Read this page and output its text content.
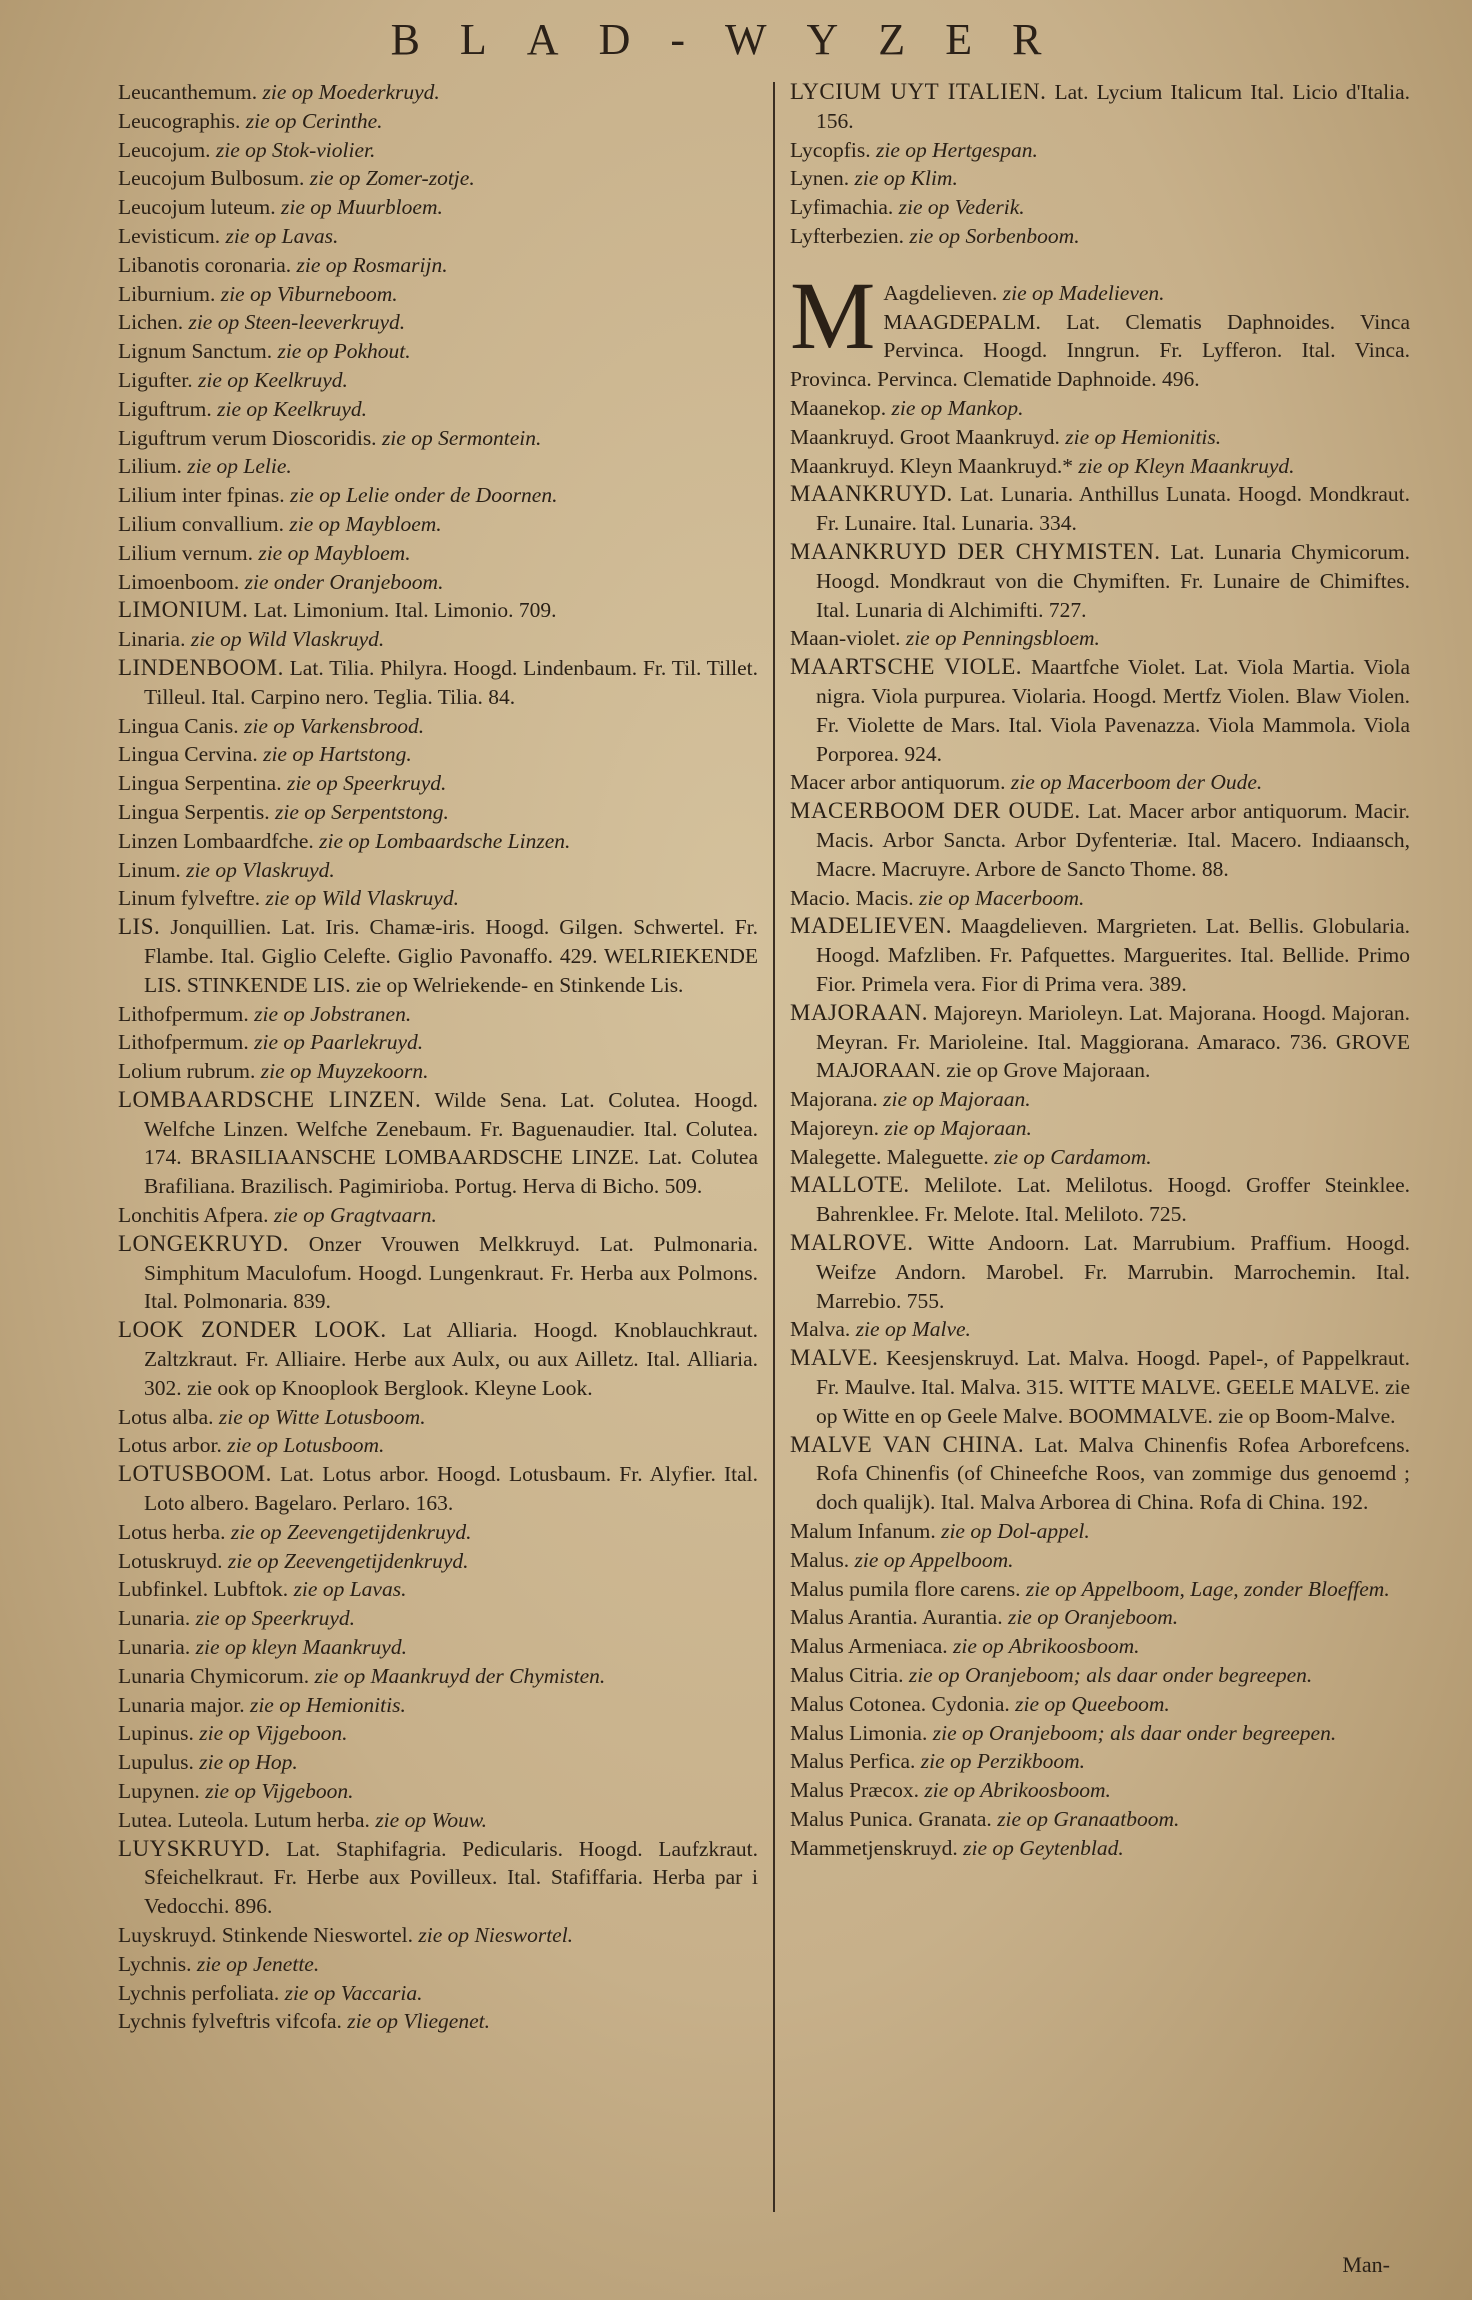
BLAD-WYZER

Leucanthemum. zie op Moederkruyd.

Leucographis. zie op Cerinthe.

Leucojum. zie op Stok-violier.

Leucojum Bulbosum. zie op Zomer-zotje.

Leucojum luteum. zie op Muurbloem.

Levisticum. zie op Lavas.

Libanotis coronaria. zie op Rosmarijn.

Liburnium. zie op Viburneboom.

Lichen. zie op Steen-leeverkruyd.

Lignum Sanctum. zie op Pokhout.

Ligufter. zie op Keelkruyd.

Liguftrum. zie op Keelkruyd.

Liguftrum verum Dioscoridis. zie op Sermontein.

Lilium. zie op Lelie.

Lilium inter fpinas. zie op Lelie onder de Doornen.

Lilium convallium. zie op Maybloem.

Lilium vernum. zie op Maybloem.

Limoenboom. zie onder Oranjeboom.

LIMONIUM. Lat. Limonium. Ital. Limonio. 709.

Linaria. zie op Wild Vlaskruyd.

LINDENBOOM. Lat. Tilia. Philyra. Hoogd. Lindenbaum. Fr. Til. Tillet. Tilleul. Ital. Carpino nero. Teglia. Tilia. 84.

Lingua Canis. zie op Varkensbrood.

Lingua Cervina. zie op Hartstong.

Lingua Serpentina. zie op Speerkruyd.

Lingua Serpentis. zie op Serpentstong.

Linzen Lombaardfche. zie op Lombaardsche Linzen.

Linum. zie op Vlaskruyd.

Linum fylveftre. zie op Wild Vlaskruyd.

LIS. Jonquillien. Lat. Iris. Chamæ-iris. Hoogd. Gilgen. Schwertel. Fr. Flambe. Ital. Giglio Celefte. Giglio Pavonaffo. 429. WELRIEKENDE LIS. STINKENDE LIS. zie op Welriekende- en Stinkende Lis.

Lithofpermum. zie op Jobstranen.

Lithofpermum. zie op Paarlekruyd.

Lolium rubrum. zie op Muyzekoorn.

LOMBAARDSCHE LINZEN. Wilde Sena. Lat. Colutea. Hoogd. Welfche Linzen. Welfche Zenebaum. Fr. Baguenaudier. Ital. Colutea. 174. BRASILIAANSCHE LOMBAARDSCHE LINZE. Lat. Colutea Brafiliana. Brazilisch. Pagimirioba. Portug. Herva di Bicho. 509.

Lonchitis Afpera. zie op Gragtvaarn.

LONGEKRUYD. Onzer Vrouwen Melkkruyd. Lat. Pulmonaria. Simphitum Maculofum. Hoogd. Lungenkraut. Fr. Herba aux Polmons. Ital. Polmonaria. 839.

LOOK ZONDER LOOK. Lat Alliaria. Hoogd. Knoblauchkraut. Zaltzkraut. Fr. Alliaire. Herbe aux Aulx, ou aux Ailletz. Ital. Alliaria. 302. zie ook op Knooplook Berglook. Kleyne Look.

Lotus alba. zie op Witte Lotusboom.

Lotus arbor. zie op Lotusboom.

LOTUSBOOM. Lat. Lotus arbor. Hoogd. Lotusbaum. Fr. Alyfier. Ital. Loto albero. Bagelaro. Perlaro. 163.

Lotus herba. zie op Zeevengetijdenkruyd.

Lotuskruyd. zie op Zeevengetijdenkruyd.

Lubfinkel. Lubftok. zie op Lavas.

Lunaria. zie op Speerkruyd.

Lunaria. zie op kleyn Maankruyd.

Lunaria Chymicorum. zie op Maankruyd der Chymisten.

Lunaria major. zie op Hemionitis.

Lupinus. zie op Vijgeboon.

Lupulus. zie op Hop.

Lupynen. zie op Vijgeboon.

Lutea. Luteola. Lutum herba. zie op Wouw.

LUYSKRUYD. Lat. Staphifagria. Pedicularis. Hoogd. Laufzkraut. Sfeichelkraut. Fr. Herbe aux Povilleux. Ital. Stafiffaria. Herba par i Vedocchi. 896.

Luyskruyd. Stinkende Nieswortel. zie op Nieswortel.

Lychnis. zie op Jenette.

Lychnis perfoliata. zie op Vaccaria.

Lychnis fylveftris vifcofa. zie op Vliegenet.

LYCIUM UYT ITALIEN. Lat. Lycium Italicum Ital. Licio d'Italia. 156.

Lycopfis. zie op Hertgespan.

Lynen. zie op Klim.

Lyfimachia. zie op Vederik.

Lyfterbezien. zie op Sorbenboom.

M Aagdelieven. zie op Madelieven.
MAAGDEPALM. Lat. Clematis Daphnoides. Vinca Pervinca. Hoogd. Inngrun. Fr. Lyfferon. Ital. Vinca. Provinca. Pervinca. Clematide Daphnoide. 496.

Maanekop. zie op Mankop.

Maankruyd. Groot Maankruyd. zie op Hemionitis.

Maankruyd. Kleyn Maankruyd.* zie op Kleyn Maankruyd.

MAANKRUYD. Lat. Lunaria. Anthillus Lunata. Hoogd. Mondkraut. Fr. Lunaire. Ital. Lunaria. 334.

MAANKRUYD DER CHYMISTEN. Lat. Lunaria Chymicorum. Hoogd. Mondkraut von die Chymiften. Fr. Lunaire de Chimiftes. Ital. Lunaria di Alchimifti. 727.

Maan-violet. zie op Penningsbloem.

MAARTSCHE VIOLE. Maartfche Violet. Lat. Viola Martia. Viola nigra. Viola purpurea. Violaria. Hoogd. Mertfz Violen. Blaw Violen. Fr. Violette de Mars. Ital. Viola Pavenazza. Viola Mammola. Viola Porporea. 924.

Macer arbor antiquorum. zie op Macerboom der Oude.

MACERBOOM DER OUDE. Lat. Macer arbor antiquorum. Macir. Macis. Arbor Sancta. Arbor Dyfenteriæ. Ital. Macero. Indiaansch, Macre. Macruyre. Arbore de Sancto Thome. 88.

Macio. Macis. zie op Macerboom.

MADELIEVEN. Maagdelieven. Margrieten. Lat. Bellis. Globularia. Hoogd. Mafzliben. Fr. Pafquettes. Marguerites. Ital. Bellide. Primo Fior. Primela vera. Fior di Prima vera. 389.

MAJORAAN. Majoreyn. Marioleyn. Lat. Majorana. Hoogd. Majoran. Meyran. Fr. Marioleine. Ital. Maggiorana. Amaraco. 736. GROVE MAJORAAN. zie op Grove Majoraan.

Majorana. zie op Majoraan.

Majoreyn. zie op Majoraan.

Malegette. Maleguette. zie op Cardamom.

MALLOTE. Melilote. Lat. Melilotus. Hoogd. Groffer Steinklee. Bahrenklee. Fr. Melote. Ital. Meliloto. 725.

MALROVE. Witte Andoorn. Lat. Marrubium. Praffium. Hoogd. Weifze Andorn. Marobel. Fr. Marrubin. Marrochemin. Ital. Marrebio. 755.

Malva. zie op Malve.

MALVE. Keesjenskruyd. Lat. Malva. Hoogd. Papel-, of Pappelkraut. Fr. Maulve. Ital. Malva. 315. WITTE MALVE. GEELE MALVE. zie op Witte en op Geele Malve. BOOMMALVE. zie op Boom-Malve.

MALVE VAN CHINA. Lat. Malva Chinenfis Rofea Arborefcens. Rofa Chinenfis (of Chineefche Roos, van zommige dus genoemd ; doch qualijk). Ital. Malva Arborea di China. Rofa di China. 192.

Malum Infanum. zie op Dol-appel.

Malus. zie op Appelboom.

Malus pumila flore carens. zie op Appelboom, Lage, zonder Bloeffem.

Malus Arantia. Aurantia. zie op Oranjeboom.

Malus Armeniaca. zie op Abrikoosboom.

Malus Citria. zie op Oranjeboom; als daar onder begreepen.

Malus Cotonea. Cydonia. zie op Queeboom.

Malus Limonia. zie op Oranjeboom; als daar onder begreepen.

Malus Perfica. zie op Perzikboom.

Malus Præcox. zie op Abrikoosboom.

Malus Punica. Granata. zie op Granaatboom.

Mammetjenskruyd. zie op Geytenblad.

Man-
